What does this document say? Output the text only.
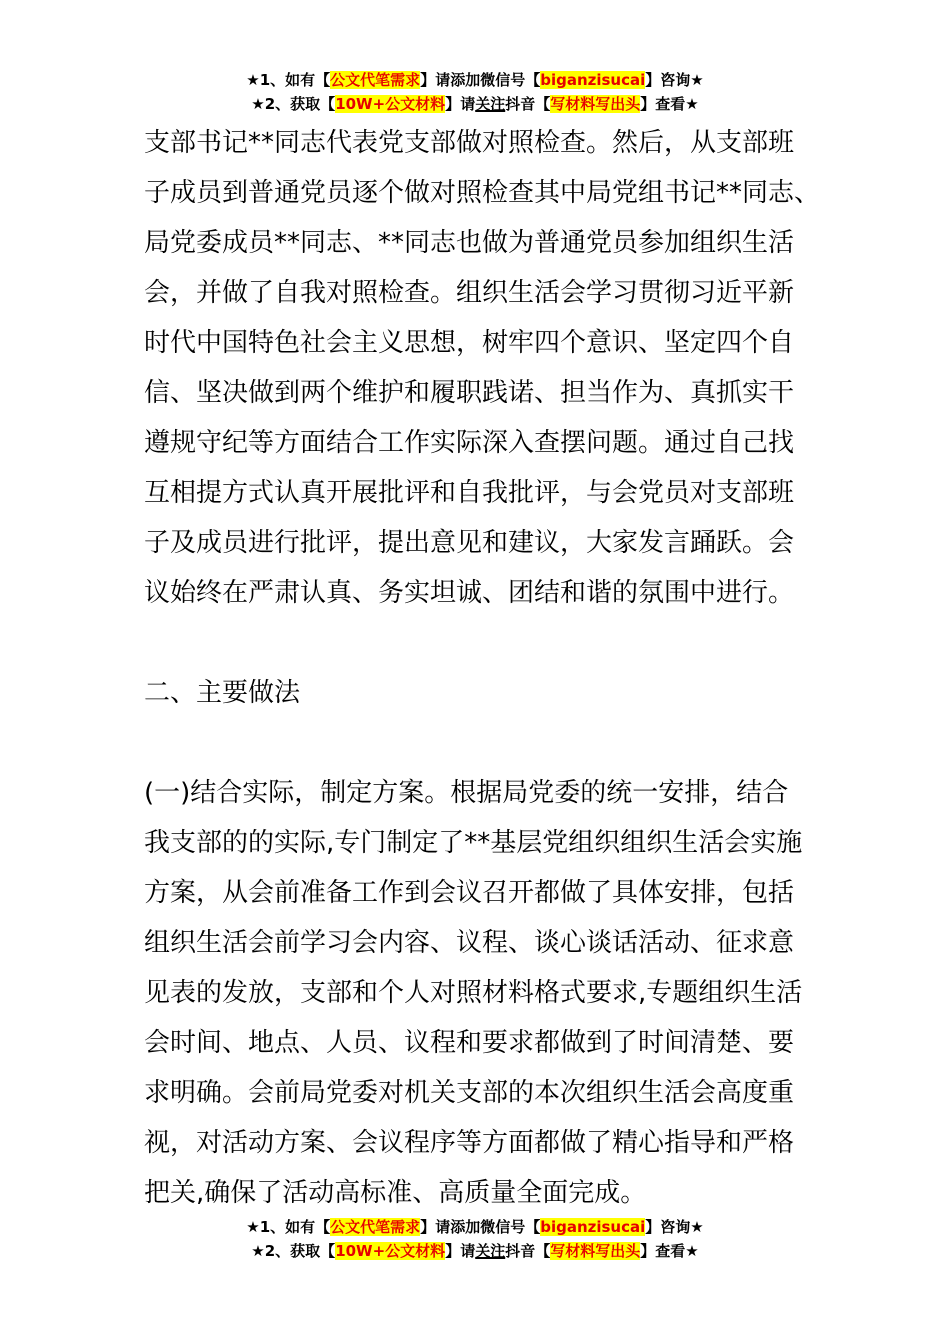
★1、如有【公文代笔需求】请添加微信号【biganzisucai】咨询★
★2、获取【10W+公文材料】请关注抖音【写材料写出头】查看★

支部书记**同志代表党支部做对照检查。然后，从支部班
子成员到普通党员逐个做对照检查其中局党组书记**同志、
局党委成员**同志、**同志也做为普通党员参加组织生活
会，并做了自我对照检查。组织生活会学习贯彻习近平新
时代中国特色社会主义思想，树牢四个意识、坚定四个自
信、坚决做到两个维护和履职践诺、担当作为、真抓实干
遵规守纪等方面结合工作实际深入查摆问题。通过自己找
互相提方式认真开展批评和自我批评，与会党员对支部班
子及成员进行批评，提出意见和建议，大家发言踊跃。会
议始终在严肃认真、务实坦诚、团结和谐的氛围中进行。

二、主要做法

(一)结合实际，制定方案。根据局党委的统一安排，结合
我支部的的实际,专门制定了**基层党组织组织生活会实施
方案，从会前准备工作到会议召开都做了具体安排，包括
组织生活会前学习会内容、议程、谈心谈话活动、征求意
见表的发放，支部和个人对照材料格式要求,专题组织生活
会时间、地点、人员、议程和要求都做到了时间清楚、要
求明确。会前局党委对机关支部的本次组织生活会高度重
视，对活动方案、会议程序等方面都做了精心指导和严格
把关,确保了活动高标准、高质量全面完成。

★1、如有【公文代笔需求】请添加微信号【biganzisucai】咨询★
★2、获取【10W+公文材料】请关注抖音【写材料写出头】查看★
